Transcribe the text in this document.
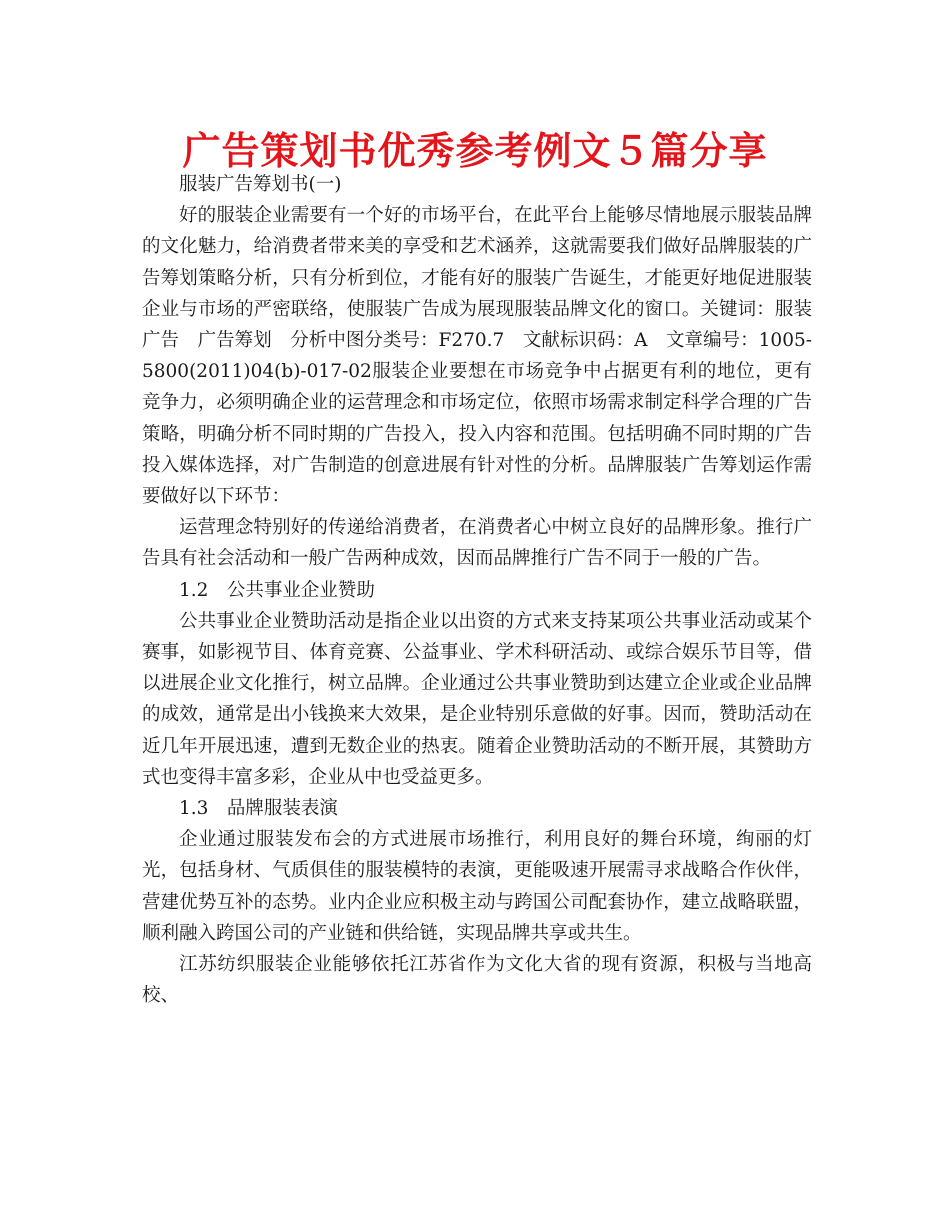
广告策划书优秀参考例文５篇分享

服装广告筹划书(一)

好的服装企业需要有一个好的市场平台，在此平台上能够尽情地展示服装品牌的文化魅力，给消费者带来美的享受和艺术涵养，这就需要我们做好品牌服装的广告筹划策略分析，只有分析到位，才能有好的服装广告诞生，才能更好地促进服装企业与市场的严密联络，使服装广告成为展现服装品牌文化的窗口。关键词：服装广告　广告筹划　分析中图分类号：F270.7　文献标识码：A　文章编号：1005-5800(2011)04(b)-017-02服装企业要想在市场竞争中占据更有利的地位，更有竞争力，必须明确企业的运营理念和市场定位，依照市场需求制定科学合理的广告策略，明确分析不同时期的广告投入，投入内容和范围。包括明确不同时期的广告投入媒体选择，对广告制造的创意进展有针对性的分析。品牌服装广告筹划运作需要做好以下环节：

运营理念特别好的传递给消费者，在消费者心中树立良好的品牌形象。推行广告具有社会活动和一般广告两种成效，因而品牌推行广告不同于一般的广告。

1.2　公共事业企业赞助

公共事业企业赞助活动是指企业以出资的方式来支持某项公共事业活动或某个赛事，如影视节目、体育竞赛、公益事业、学术科研活动、或综合娱乐节目等，借以进展企业文化推行，树立品牌。企业通过公共事业赞助到达建立企业或企业品牌的成效，通常是出小钱换来大效果，是企业特别乐意做的好事。因而，赞助活动在近几年开展迅速，遭到无数企业的热衷。随着企业赞助活动的不断开展，其赞助方式也变得丰富多彩，企业从中也受益更多。

1.3　品牌服装表演

企业通过服装发布会的方式进展市场推行，利用良好的舞台环境，绚丽的灯光，包括身材、气质俱佳的服装模特的表演，更能吸速开展需寻求战略合作伙伴，营建优势互补的态势。业内企业应积极主动与跨国公司配套协作，建立战略联盟，顺利融入跨国公司的产业链和供给链，实现品牌共享或共生。

江苏纺织服装企业能够依托江苏省作为文化大省的现有资源，积极与当地高校、
